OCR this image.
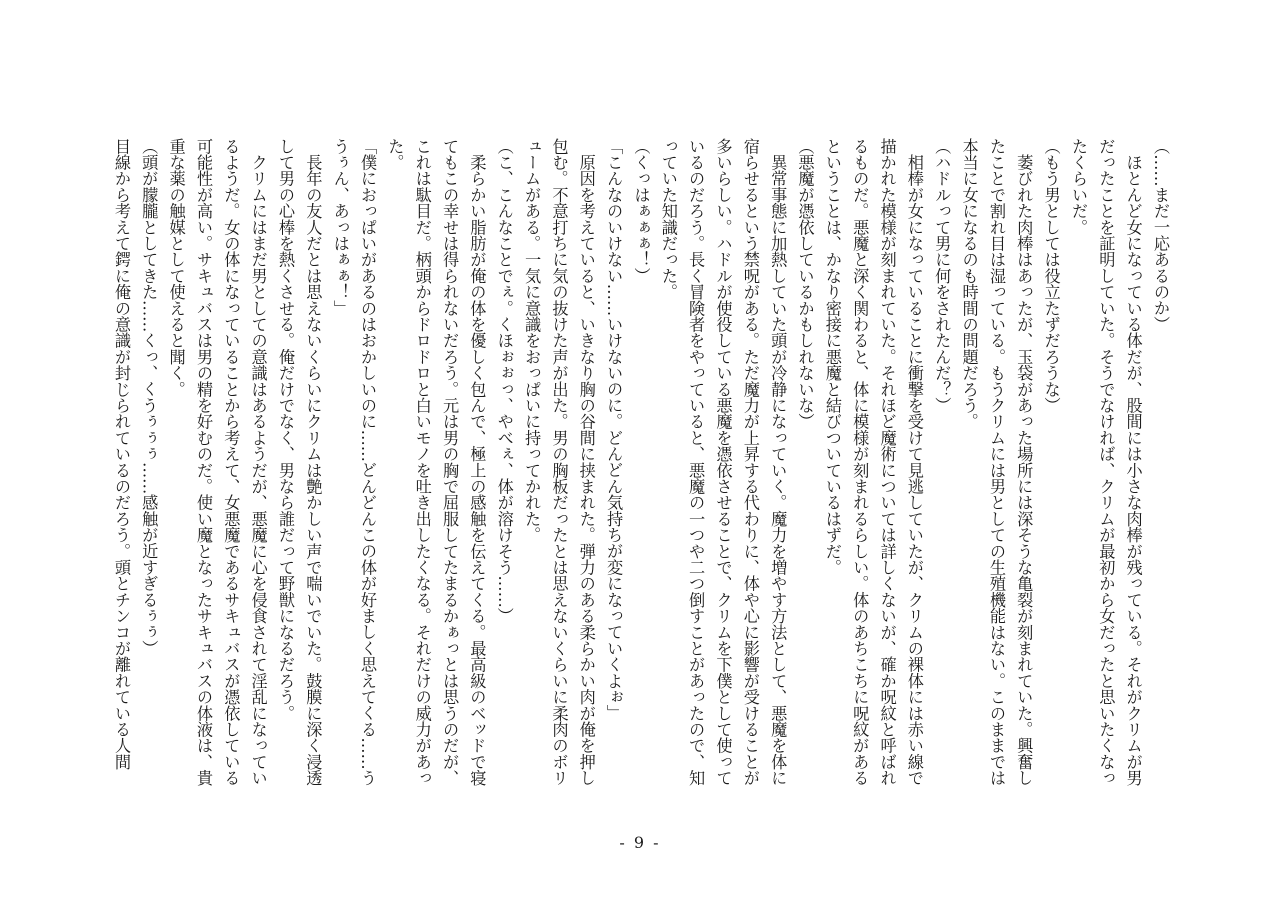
（……まだ一応あるのか）
　ほとんど女になっている体だが、股間には小さな肉棒が残っている。それがクリムが男
だったことを証明していた。そうでなければ、クリムが最初から女だったと思いたくなっ
たくらいだ。
（もう男としては役立たずだろうな）
　萎びれた肉棒はあったが、玉袋があった場所には深そうな亀裂が刻まれていた。興奮し
たことで割れ目は湿っている。もうクリムには男としての生殖機能はない。このままでは
本当に女になるのも時間の問題だろう。
（ハドルって男に何をされたんだ？）
　相棒が女になっていることに衝撃を受けて見逃していたが、クリムの裸体には赤い線で
描かれた模様が刻まれていた。それほど魔術については詳しくないが、確か呪紋と呼ばれ
るものだ。悪魔と深く関わると、体に模様が刻まれるらしい。体のあちこちに呪紋がある
ということは、かなり密接に悪魔と結びついているはずだ。
（悪魔が憑依しているかもしれないな）
　異常事態に加熱していた頭が冷静になっていく。魔力を増やす方法として、悪魔を体に
宿らせるという禁呪がある。ただ魔力が上昇する代わりに、体や心に影響が受けることが
多いらしい。ハドルが使役している悪魔を憑依させることで、クリムを下僕として使って
いるのだろう。長く冒険者をやっていると、悪魔の一つや二つ倒すことがあったので、知
っていた知識だった。
（くっはぁぁぁ！）
「こんなのいけない……いけないのに。どんどん気持ちが変になっていくよぉ」
　原因を考えていると、いきなり胸の谷間に挟まれた。弾力のある柔らかい肉が俺を押し
包む。不意打ちに気の抜けた声が出た。男の胸板だったとは思えないくらいに柔肉のボリ
ュームがある。一気に意識をおっぱいに持ってかれた。
（こ、こんなことでぇ。くほぉぉっ、やべぇ、体が溶けそう……）
　柔らかい脂肪が俺の体を優しく包んで、極上の感触を伝えてくる。最高級のベッドで寝
てもこの幸せは得られないだろう。元は男の胸で屈服してたまるかぁっとは思うのだが、
これは駄目だ。柄頭からドロドロと白いモノを吐き出したくなる。それだけの威力があっ
た。
「僕におっぱいがあるのはおかしいのに……どんどんこの体が好ましく思えてくる……う
うぅん、あっはぁぁ！」
　長年の友人だとは思えないくらいにクリムは艶かしい声で喘いでいた。鼓膜に深く浸透
して男の心棒を熱くさせる。俺だけでなく、男なら誰だって野獣になるだろう。
　クリムにはまだ男としての意識はあるようだが、悪魔に心を侵食されて淫乱になってい
るようだ。女の体になっていることから考えて、女悪魔であるサキュバスが憑依している
可能性が高い。サキュバスは男の精を好むのだ。使い魔となったサキュバスの体液は、貴
重な薬の触媒として使えると聞く。
（頭が朦朧としてきた……くっ、くうぅぅぅ……感触が近すぎるぅぅ）
目線から考えて鍔に俺の意識が封じられているのだろう。頭とチンコが離れている人間
- 9 -
